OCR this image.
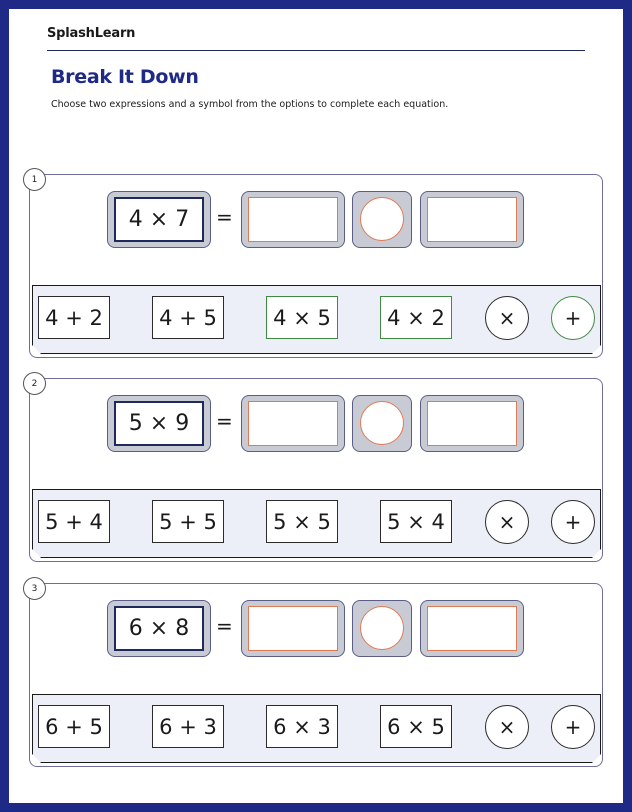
SplashLearn
Break It Down
Choose two expressions and a symbol from the options to complete each equation.
1
4 × 7	=
4 + 2	4 + 5	4 × 5	4 × 2	×	+
2
5 × 9	=
5 + 4	5 + 5	5 × 5	5 × 4	×	+
3
6 × 8	=
6 + 5	6 + 3	6 × 3	6 × 5	×	+
